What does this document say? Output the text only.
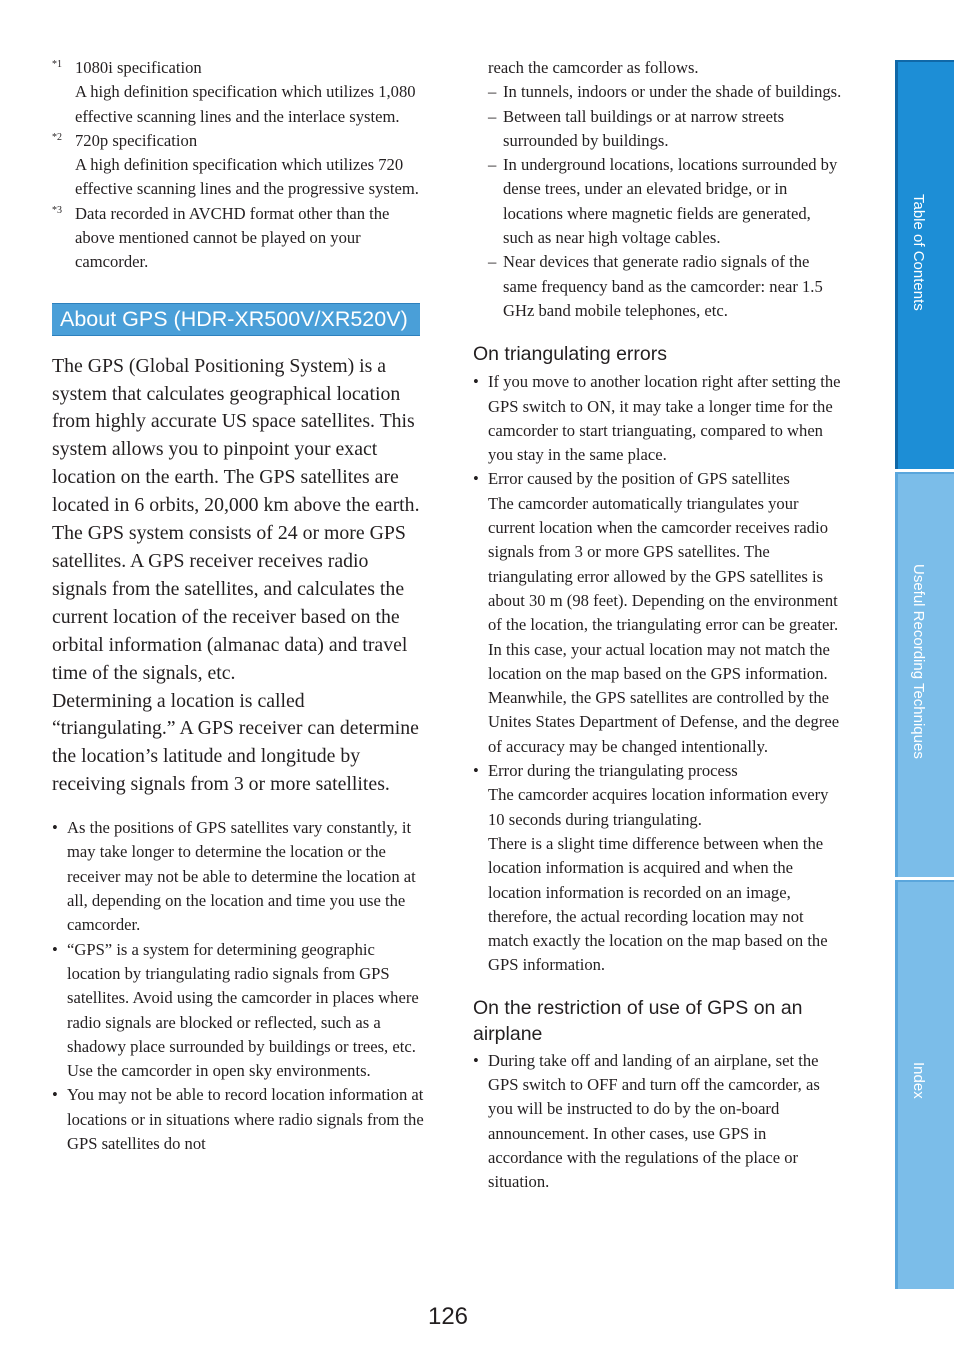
*1 1080i specification
A high definition specification which utilizes 1,080 effective scanning lines and the interlace system.
*2 720p specification
A high definition specification which utilizes 720 effective scanning lines and the progressive system.
*3 Data recorded in AVCHD format other than the above mentioned cannot be played on your camcorder.
About GPS (HDR-XR500V/XR520V)

The GPS (Global Positioning System) is a system that calculates geographical location from highly accurate US space satellites. This system allows you to pinpoint your exact location on the earth. The GPS satellites are located in 6 orbits, 20,000 km above the earth. The GPS system consists of 24 or more GPS satellites. A GPS receiver receives radio signals from the satellites, and calculates the current location of the receiver based on the orbital information (almanac data) and travel time of the signals, etc.

Determining a location is called “triangulating.” A GPS receiver can determine the location’s latitude and longitude by receiving signals from 3 or more satellites.

• As the positions of GPS satellites vary constantly, it may take longer to determine the location or the receiver may not be able to determine the location at all, depending on the location and time you use the camcorder.
• “GPS” is a system for determining geographic location by triangulating radio signals from GPS satellites. Avoid using the camcorder in places where radio signals are blocked or reflected, such as a shadowy place surrounded by buildings or trees, etc. Use the camcorder in open sky environments.
• You may not be able to record location information at locations or in situations where radio signals from the GPS satellites do not

reach the camcorder as follows.

– In tunnels, indoors or under the shade of buildings.
– Between tall buildings or at narrow streets surrounded by buildings.
– In underground locations, locations surrounded by dense trees, under an elevated bridge, or in locations where magnetic fields are generated, such as near high voltage cables.
– Near devices that generate radio signals of the same frequency band as the camcorder: near 1.5 GHz band mobile telephones, etc.
On triangulating errors
• If you move to another location right after setting the GPS switch to ON, it may take a longer time for the camcorder to start trianguating, compared to when you stay in the same place.
• Error caused by the position of GPS satellites
The camcorder automatically triangulates your current location when the camcorder receives radio signals from 3 or more GPS satellites. The triangulating error allowed by the GPS satellites is about 30 m (98 feet). Depending on the environment of the location, the triangulating error can be greater. In this case, your actual location may not match the location on the map based on the GPS information. Meanwhile, the GPS satellites are controlled by the Unites States Department of Defense, and the degree of accuracy may be changed intentionally.
• Error during the triangulating process
The camcorder acquires location information every 10 seconds during triangulating.
There is a slight time difference between when the location information is acquired and when the location information is recorded on an image, therefore, the actual recording location may not match exactly the location on the map based on the GPS information.
On the restriction of use of GPS on an airplane
• During take off and landing of an airplane, set the GPS switch to OFF and turn off the camcorder, as you will be instructed to do by the on-board announcement. In other cases, use GPS in accordance with the regulations of the place or situation.
Table of Contents
Useful Recording Techniques
Index
126
